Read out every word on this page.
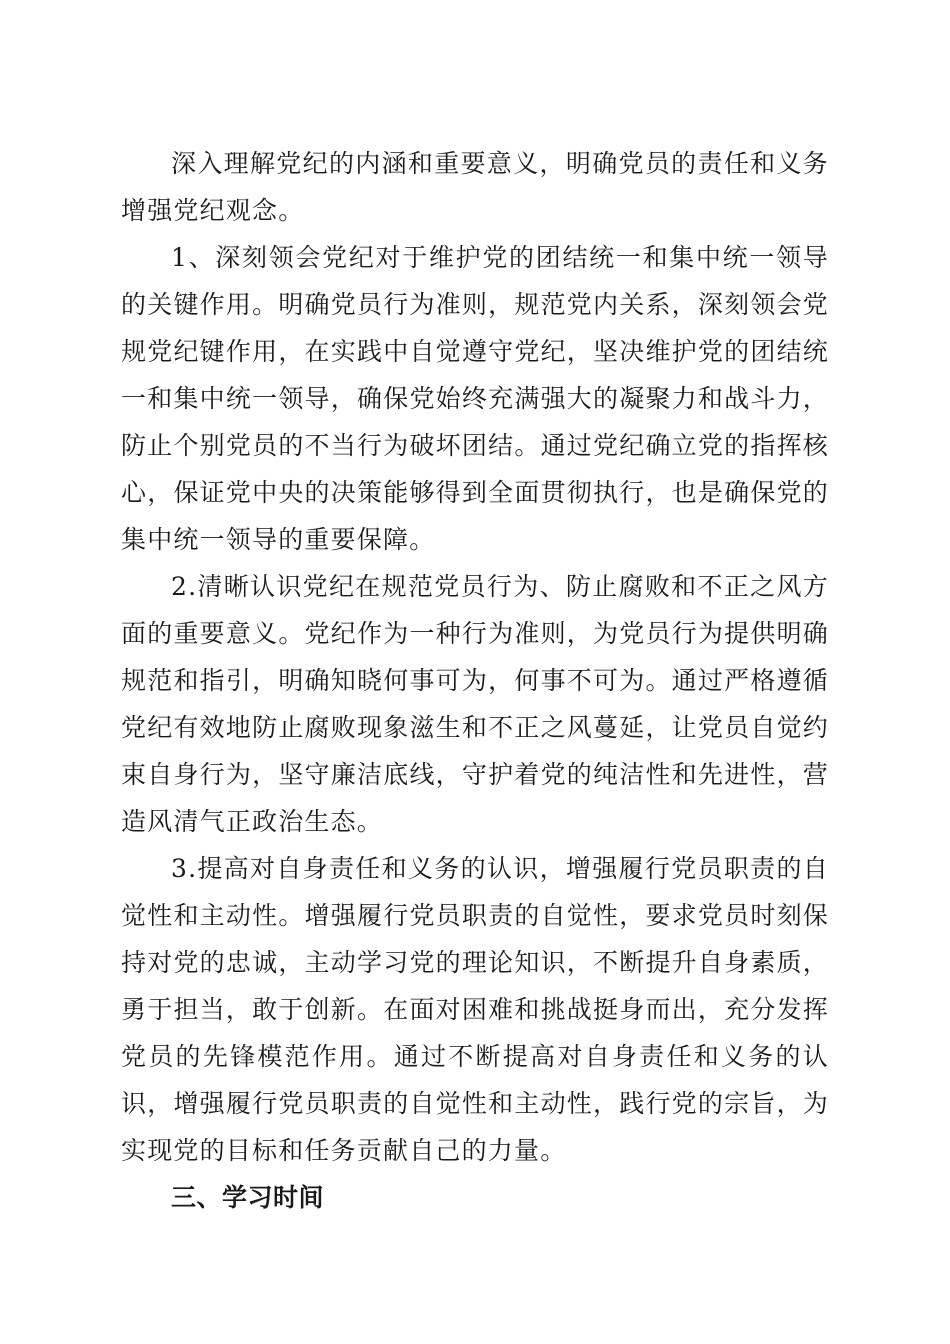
深入理解党纪的内涵和重要意义，明确党员的责任和义务增强党纪观念。

1、深刻领会党纪对于维护党的团结统一和集中统一领导的关键作用。明确党员行为准则，规范党内关系，深刻领会党规党纪键作用，在实践中自觉遵守党纪，坚决维护党的团结统一和集中统一领导，确保党始终充满强大的凝聚力和战斗力，防止个别党员的不当行为破坏团结。通过党纪确立党的指挥核心，保证党中央的决策能够得到全面贯彻执行，也是确保党的集中统一领导的重要保障。

2.清晰认识党纪在规范党员行为、防止腐败和不正之风方面的重要意义。党纪作为一种行为准则，为党员行为提供明确规范和指引，明确知晓何事可为，何事不可为。通过严格遵循党纪有效地防止腐败现象滋生和不正之风蔓延，让党员自觉约束自身行为，坚守廉洁底线，守护着党的纯洁性和先进性，营造风清气正政治生态。

3.提高对自身责任和义务的认识，增强履行党员职责的自觉性和主动性。增强履行党员职责的自觉性，要求党员时刻保持对党的忠诚，主动学习党的理论知识，不断提升自身素质，勇于担当，敢于创新。在面对困难和挑战挺身而出，充分发挥党员的先锋模范作用。通过不断提高对自身责任和义务的认识，增强履行党员职责的自觉性和主动性，践行党的宗旨，为实现党的目标和任务贡献自己的力量。

三、学习时间
